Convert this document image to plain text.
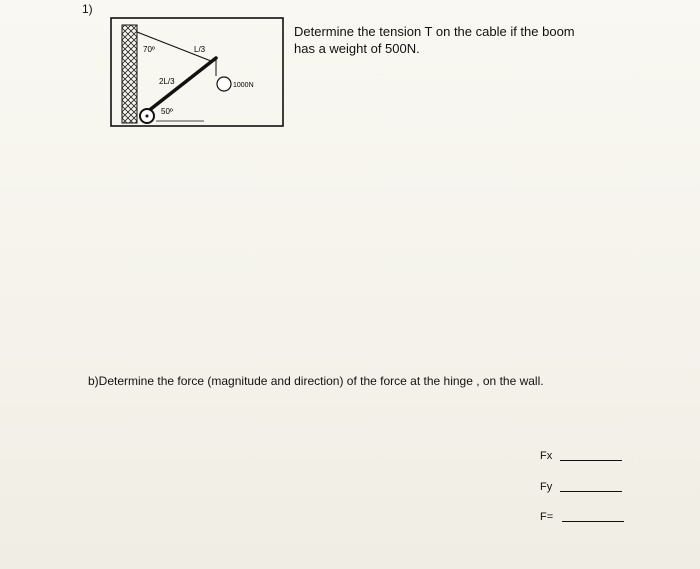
1)
70º	L/3
2L/3	1000N
50º
Determine the tension T on the cable if the boom
has a weight of 500N.
b)Determine the force (magnitude and direction) of the force at the hinge , on the wall.
Fx
Fy
F=
